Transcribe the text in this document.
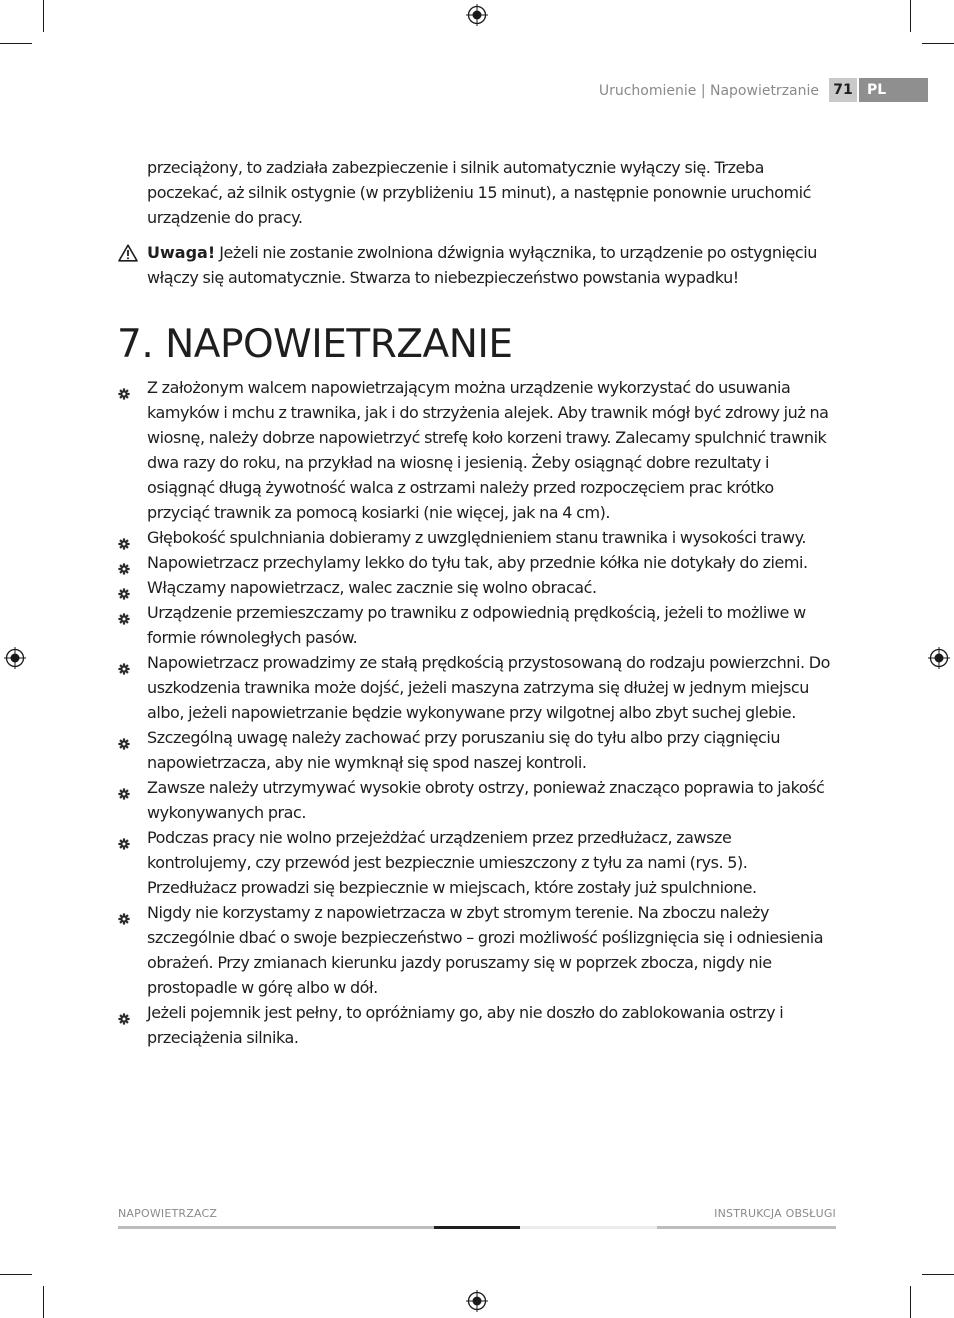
Uruchomienie | Napowietrzanie	71	PL

przeciążony, to zadziała zabezpieczenie i silnik automatycznie wyłączy się. Trzeba poczekać, aż silnik ostygnie (w przybliżeniu 15 minut), a następnie ponownie uruchomić urządzenie do pracy.

Uwaga! Jeżeli nie zostanie zwolniona dźwignia wyłącznika, to urządzenie po ostygnięciu włączy się automatycznie. Stwarza to niebezpieczeństwo powstania wypadku!

7. NAPOWIETRZANIE
Z założonym walcem napowietrzającym można urządzenie wykorzystać do usuwania kamyków i mchu z trawnika, jak i do strzyżenia alejek. Aby trawnik mógł być zdrowy już na wiosnę, należy dobrze napowietrzyć strefę koło korzeni trawy. Zalecamy spulchnić trawnik dwa razy do roku, na przykład na wiosnę i jesienią. Żeby osiągnąć dobre rezultaty i osiągnąć długą żywotność walca z ostrzami należy przed rozpoczęciem prac krótko przyciąć trawnik za pomocą kosiarki (nie więcej, jak na 4 cm).
Głębokość spulchniania dobieramy z uwzględnieniem stanu trawnika i wysokości trawy.
Napowietrzacz przechylamy lekko do tyłu tak, aby przednie kółka nie dotykały do ziemi.
Włączamy napowietrzacz, walec zacznie się wolno obracać.
Urządzenie przemieszczamy po trawniku z odpowiednią prędkością, jeżeli to możliwe w formie równoległych pasów.
Napowietrzacz prowadzimy ze stałą prędkością przystosowaną do rodzaju powierzchni. Do uszkodzenia trawnika może dojść, jeżeli maszyna zatrzyma się dłużej w jednym miejscu albo, jeżeli napowietrzanie będzie wykonywane przy wilgotnej albo zbyt suchej glebie.
Szczególną uwagę należy zachować przy poruszaniu się do tyłu albo przy ciągnięciu napowietrzacza, aby nie wymknął się spod naszej kontroli.
Zawsze należy utrzymywać wysokie obroty ostrzy, ponieważ znacząco poprawia to jakość wykonywanych prac.
Podczas pracy nie wolno przejeżdżać urządzeniem przez przedłużacz, zawsze kontrolujemy, czy przewód jest bezpiecznie umieszczony z tyłu za nami (rys. 5). Przedłużacz prowadzi się bezpiecznie w miejscach, które zostały już spulchnione.
Nigdy nie korzystamy z napowietrzacza w zbyt stromym terenie. Na zboczu należy szczególnie dbać o swoje bezpieczeństwo – grozi możliwość poślizgnięcia się i odniesienia obrażeń. Przy zmianach kierunku jazdy poruszamy się w poprzek zbocza, nigdy nie prostopadle w górę albo w dół.
Jeżeli pojemnik jest pełny, to opróżniamy go, aby nie doszło do zablokowania ostrzy i przeciążenia silnika.
NAPOWIETRZACZ	INSTRUKCJA OBSŁUGI
